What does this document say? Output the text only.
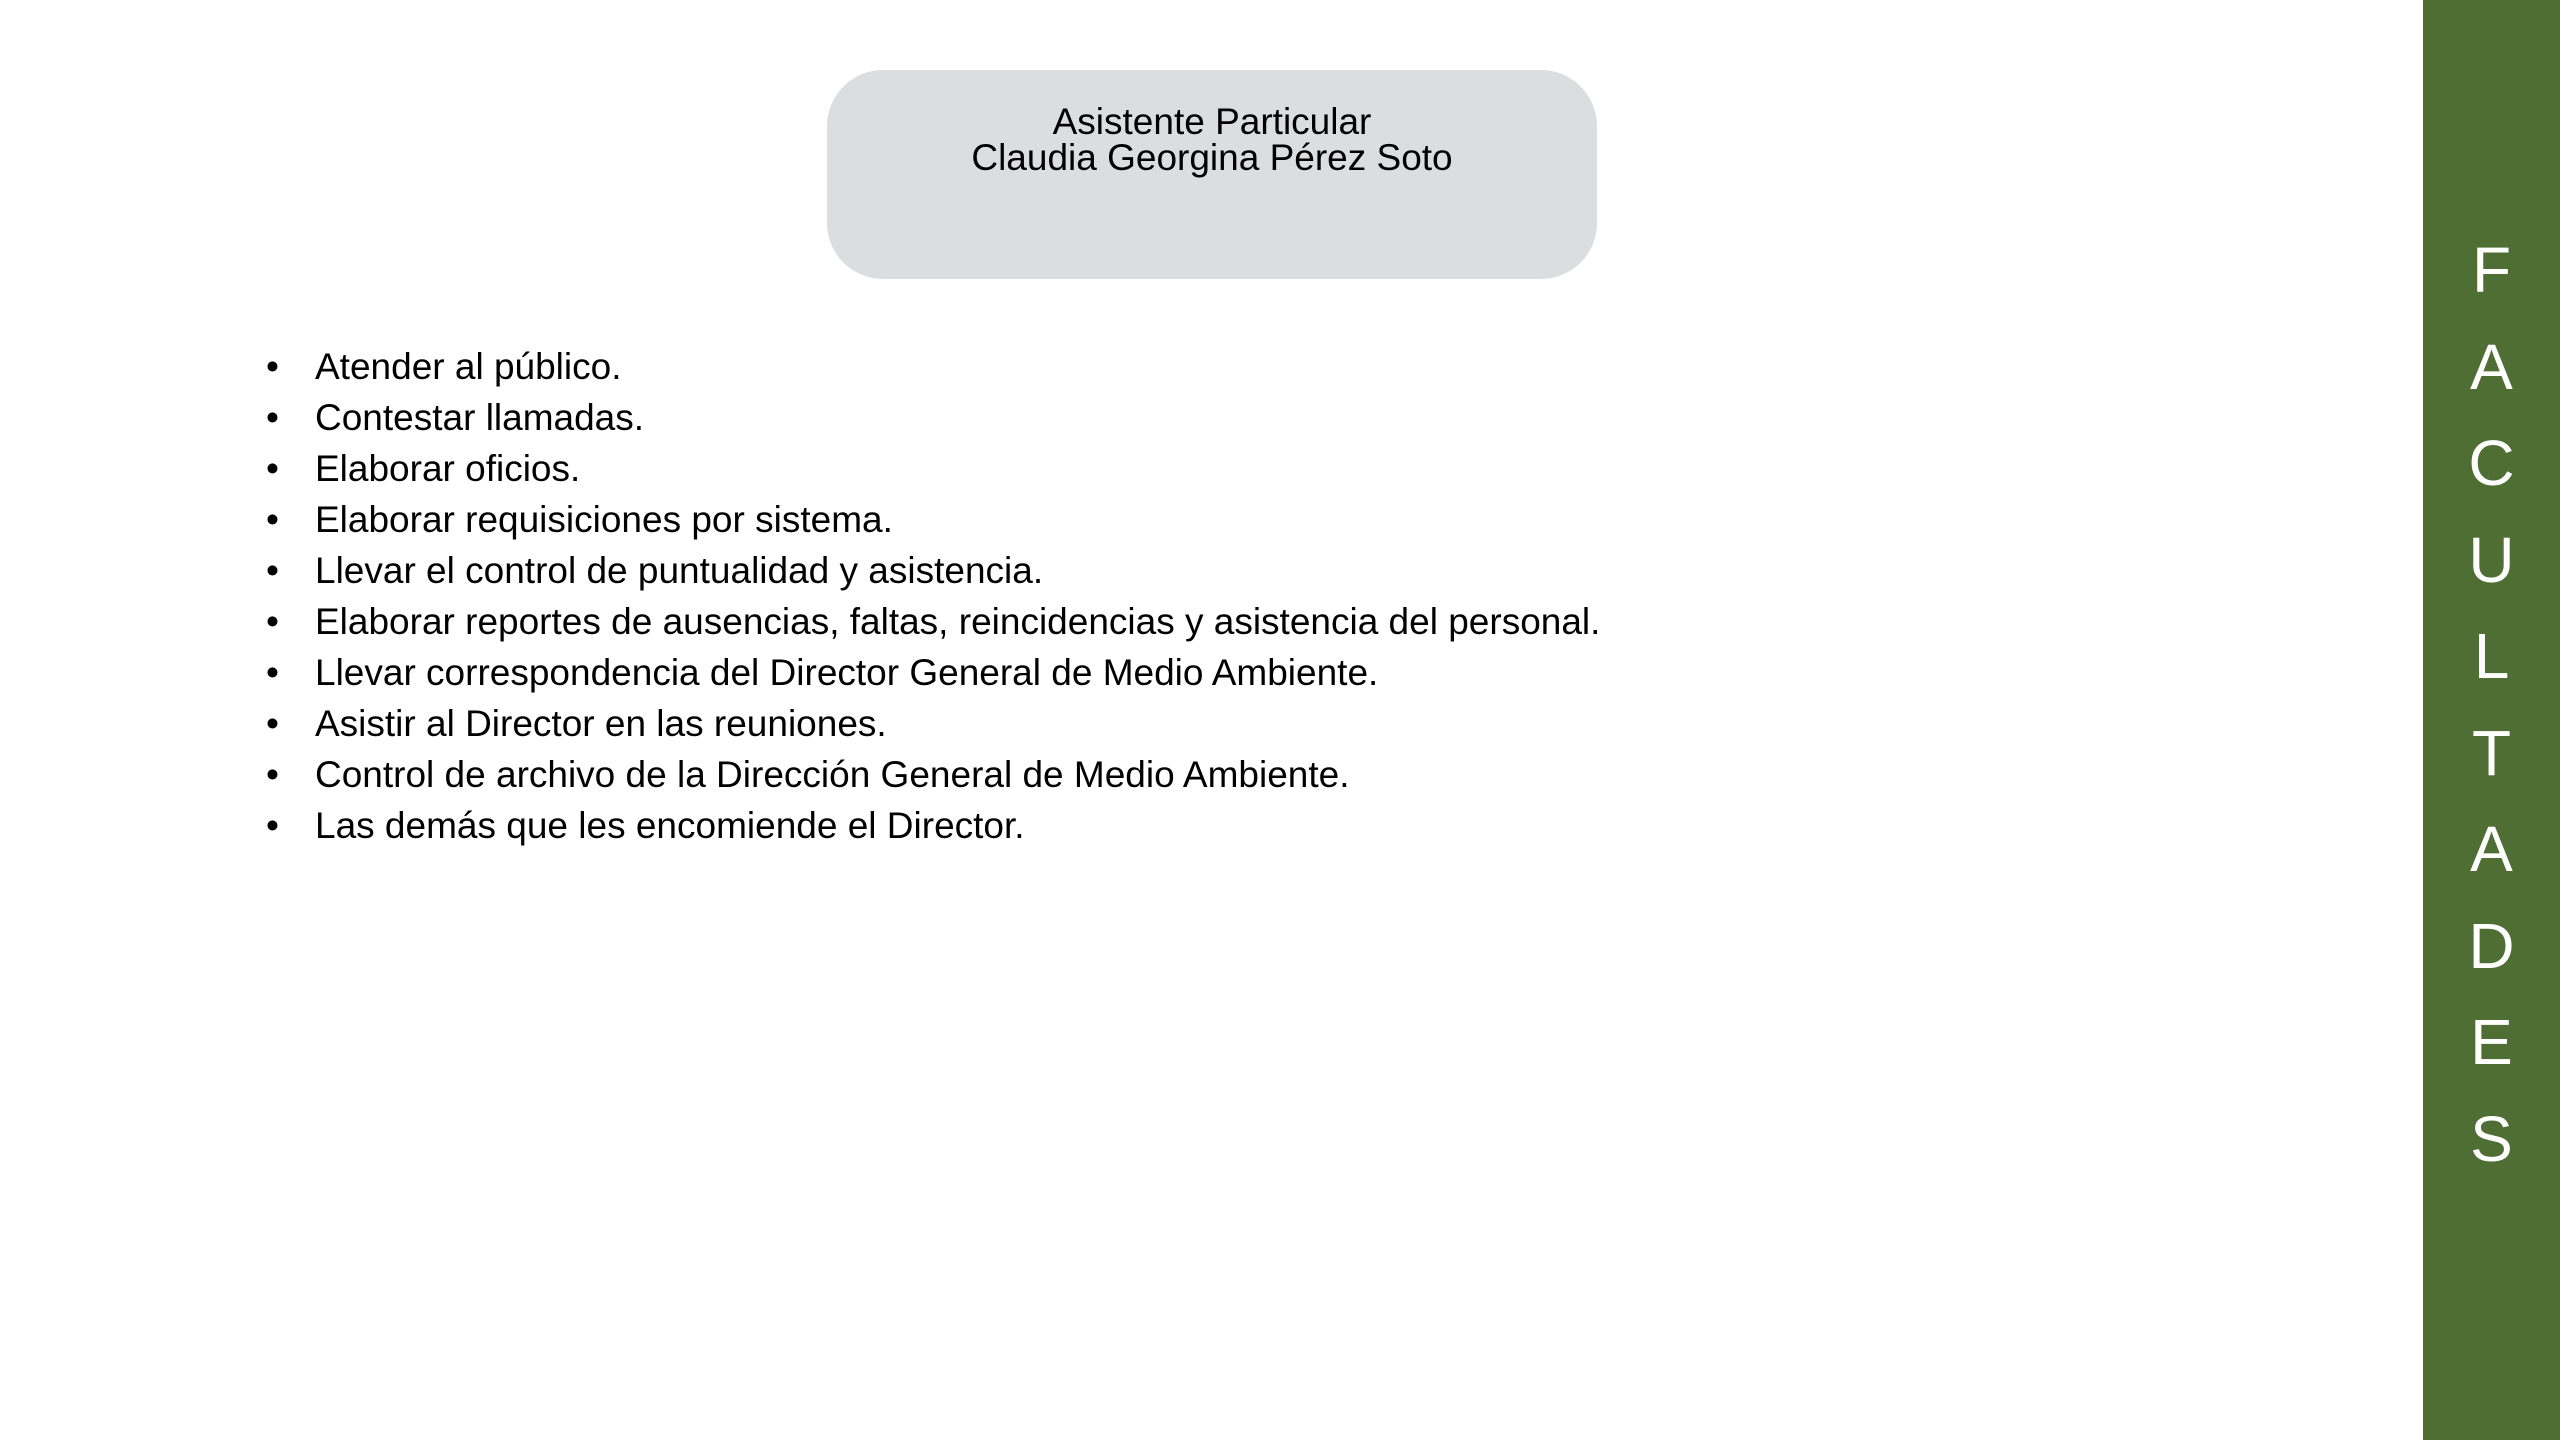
Asistente Particular
Claudia Georgina Pérez Soto
• Atender al público.
• Contestar llamadas.
• Elaborar oficios.
• Elaborar requisiciones por sistema.
• Llevar el control de puntualidad y asistencia.
• Elaborar reportes de ausencias, faltas, reincidencias y asistencia del personal.
• Llevar correspondencia del Director General de Medio Ambiente.
• Asistir al Director en las reuniones.
• Control de archivo de la Dirección General de Medio Ambiente.
• Las demás que les encomiende el Director.
F
A
C
U
L
T
A
D
E
S
